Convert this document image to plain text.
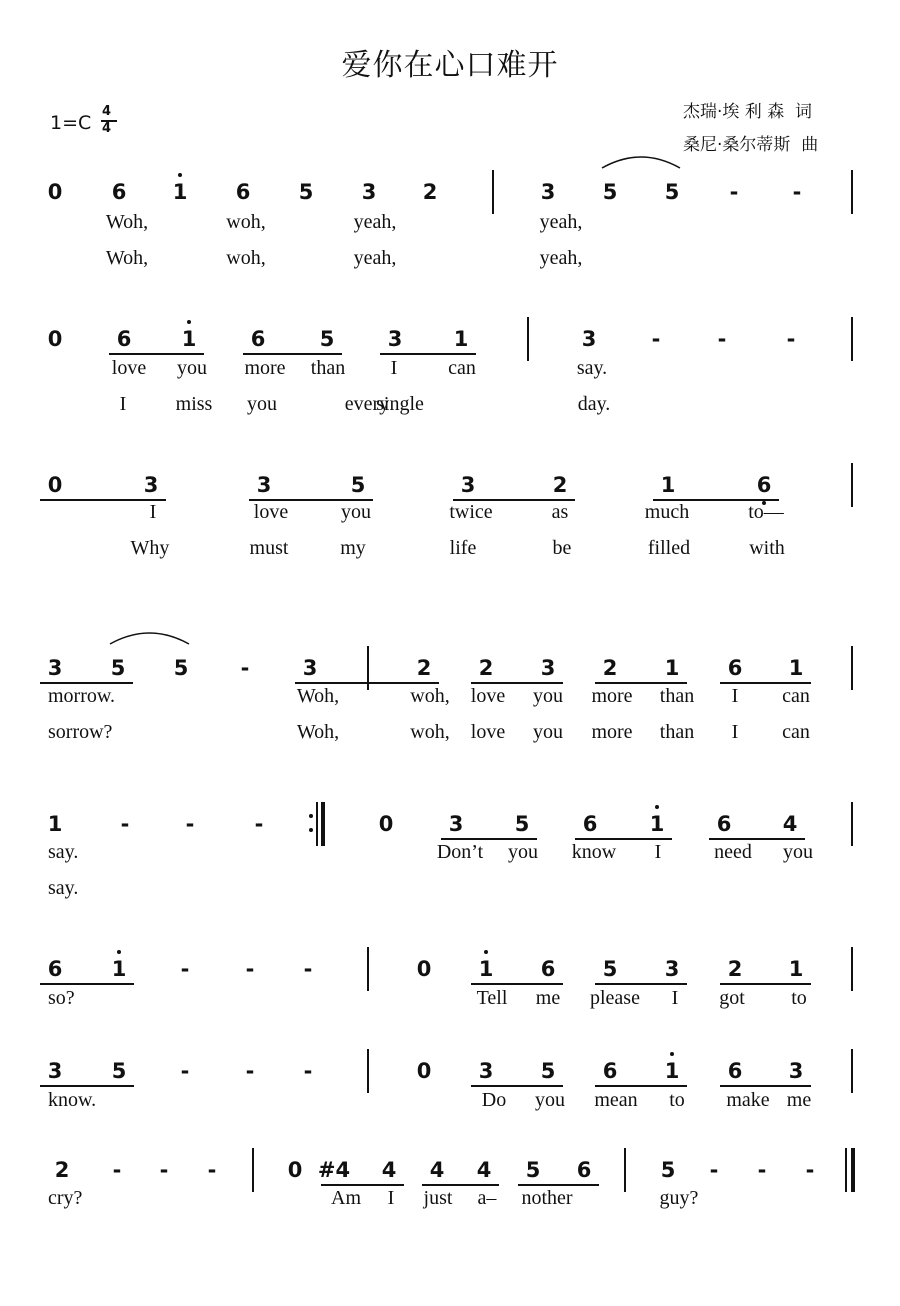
爱你在心口难开
杰瑞·埃 利 森  词
桑尼·桑尔蒂斯  曲
1=C
4
4
0	6	1	6	5	3	2	3	5	5	-	-
Woh,	woh,	yeah,	yeah,
Woh,	woh,	yeah,	yeah,
0	6	1	6	5	3	1	3	-	-	-
love	you	more	than	I	can	say.
I	miss	you	every
single	day.
0	3	3	5	3	2	1	6
I	love	you	twice	as	much	to—
Why	must	my	life	be	filled	with
3	5	5	-	3	2	2	3	2	1	6	1
morrow.	Woh,	woh,	love	you	more	than	I	can
sorrow?	Woh,	woh,	love	you	more	than	I	can
1	-	-	-	0	3	5	6	1	6	4
say.	Don’t	you	know	I	need	you
say.
6	1	-	-	-	0	1	6	5	3	2	1
so?	Tell	me	please	I	got	to
3	5	-	-	-	0	3	5	6	1	6	3
know.	Do	you	mean	to	make me
2	-	-	-	0 #4	4	4	4	5	6	5	-	-	-
cry?	Am	I	just	a–	nother	guy?
